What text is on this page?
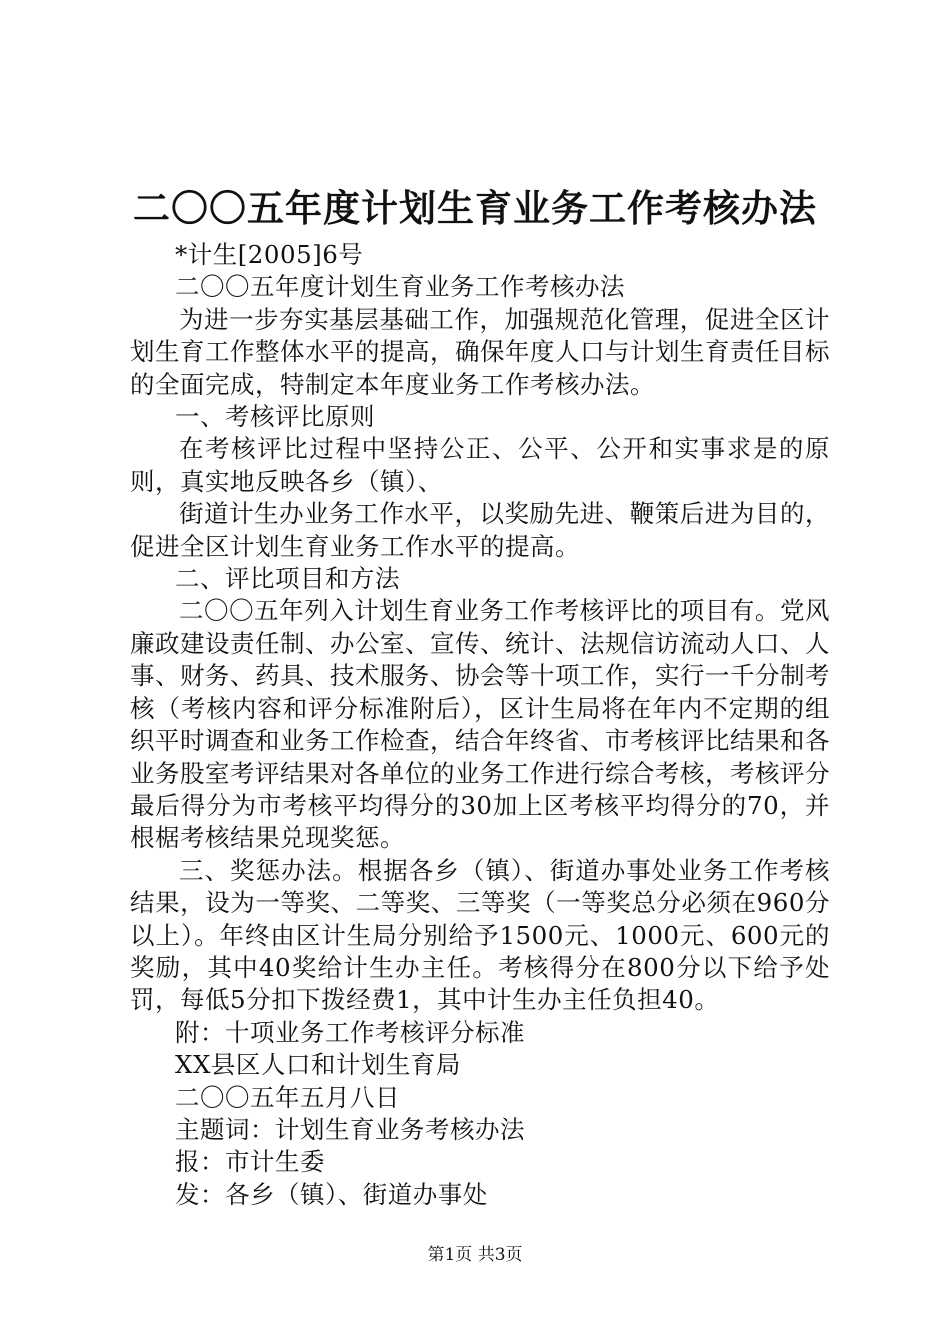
二〇〇五年度计划生育业务工作考核办法

*计生[2005]6号

二〇〇五年度计划生育业务工作考核办法

为进一步夯实基层基础工作，加强规范化管理，促进全区计划生育工作整体水平的提高，确保年度人口与计划生育责任目标的全面完成，特制定本年度业务工作考核办法。

一、考核评比原则

在考核评比过程中坚持公正、公平、公开和实事求是的原则，真实地反映各乡（镇）、

街道计生办业务工作水平，以奖励先进、鞭策后进为目的，促进全区计划生育业务工作水平的提高。

二、评比项目和方法

二〇〇五年列入计划生育业务工作考核评比的项目有。党风廉政建设责任制、办公室、宣传、统计、法规信访流动人口、人事、财务、药具、技术服务、协会等十项工作，实行一千分制考核（考核内容和评分标准附后），区计生局将在年内不定期的组织平时调查和业务工作检查，结合年终省、市考核评比结果和各业务股室考评结果对各单位的业务工作进行综合考核，考核评分最后得分为市考核平均得分的30加上区考核平均得分的70，并根椐考核结果兑现奖惩。

三、奖惩办法。根据各乡（镇）、街道办事处业务工作考核结果，设为一等奖、二等奖、三等奖（一等奖总分必须在960分以上）。年终由区计生局分别给予1500元、1000元、600元的奖励，其中40奖给计生办主任。考核得分在800分以下给予处罚，每低5分扣下拨经费1，其中计生办主任负担40。

附：十项业务工作考核评分标准

XX县区人口和计划生育局

二〇〇五年五月八日

主题词：计划生育业务考核办法

报：市计生委

发：各乡（镇）、街道办事处

第1页 共3页
